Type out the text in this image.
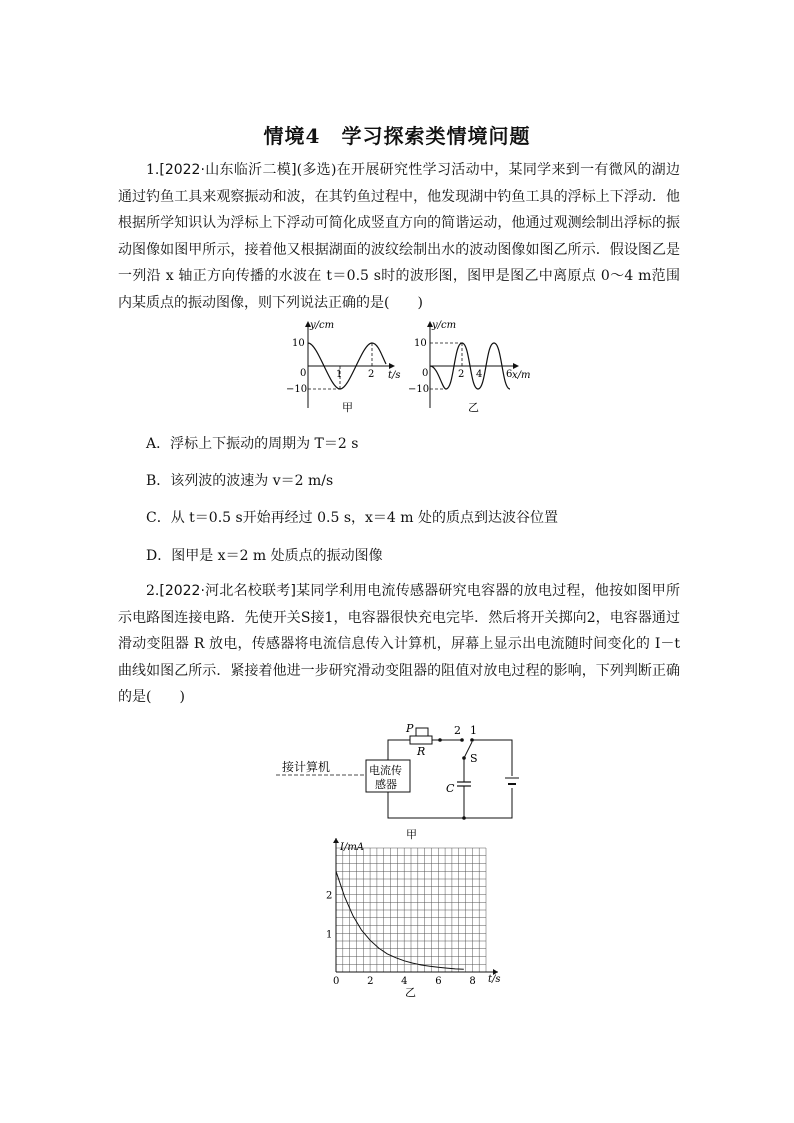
情境4　学习探索类情境问题
1.[2022·山东临沂二模](多选)在开展研究性学习活动中，某同学来到一有微风的湖边通过钓鱼工具来观察振动和波，在其钓鱼过程中，他发现湖中钓鱼工具的浮标上下浮动．他根据所学知识认为浮标上下浮动可简化成竖直方向的简谐运动，他通过观测绘制出浮标的振动图像如图甲所示，接着他又根据湖面的波纹绘制出水的波动图像如图乙所示．假设图乙是一列沿 x 轴正方向传播的水波在 t＝0.5 s时的波形图，图甲是图乙中离原点 0～4 m范围内某质点的振动图像，则下列说法正确的是(　　)
y/cm
10
−10
0	1	2 t/s
甲
y/cm
10
−10
0	2 4 6 x/m
乙
A．浮标上下振动的周期为 T＝2 s
B．该列波的波速为 v＝2 m/s
C．从 t＝0.5 s开始再经过 0.5 s，x＝4 m 处的质点到达波谷位置
D．图甲是 x＝2 m 处质点的振动图像
2.[2022·河北名校联考]某同学利用电流传感器研究电容器的放电过程，他按如图甲所示电路图连接电路．先使开关S接1，电容器很快充电完毕．然后将开关掷向2，电容器通过滑动变阻器 R 放电，传感器将电流信息传入计算机，屏幕上显示出电流随时间变化的 I－t 曲线如图乙所示．紧接着他进一步研究滑动变阻器的阻值对放电过程的影响，下列判断正确的是(　　)
接计算机	电流传
感器
P
R
2 1
S
C
甲
I/mA
t/s
0	2	4	6	8
1
2
乙
